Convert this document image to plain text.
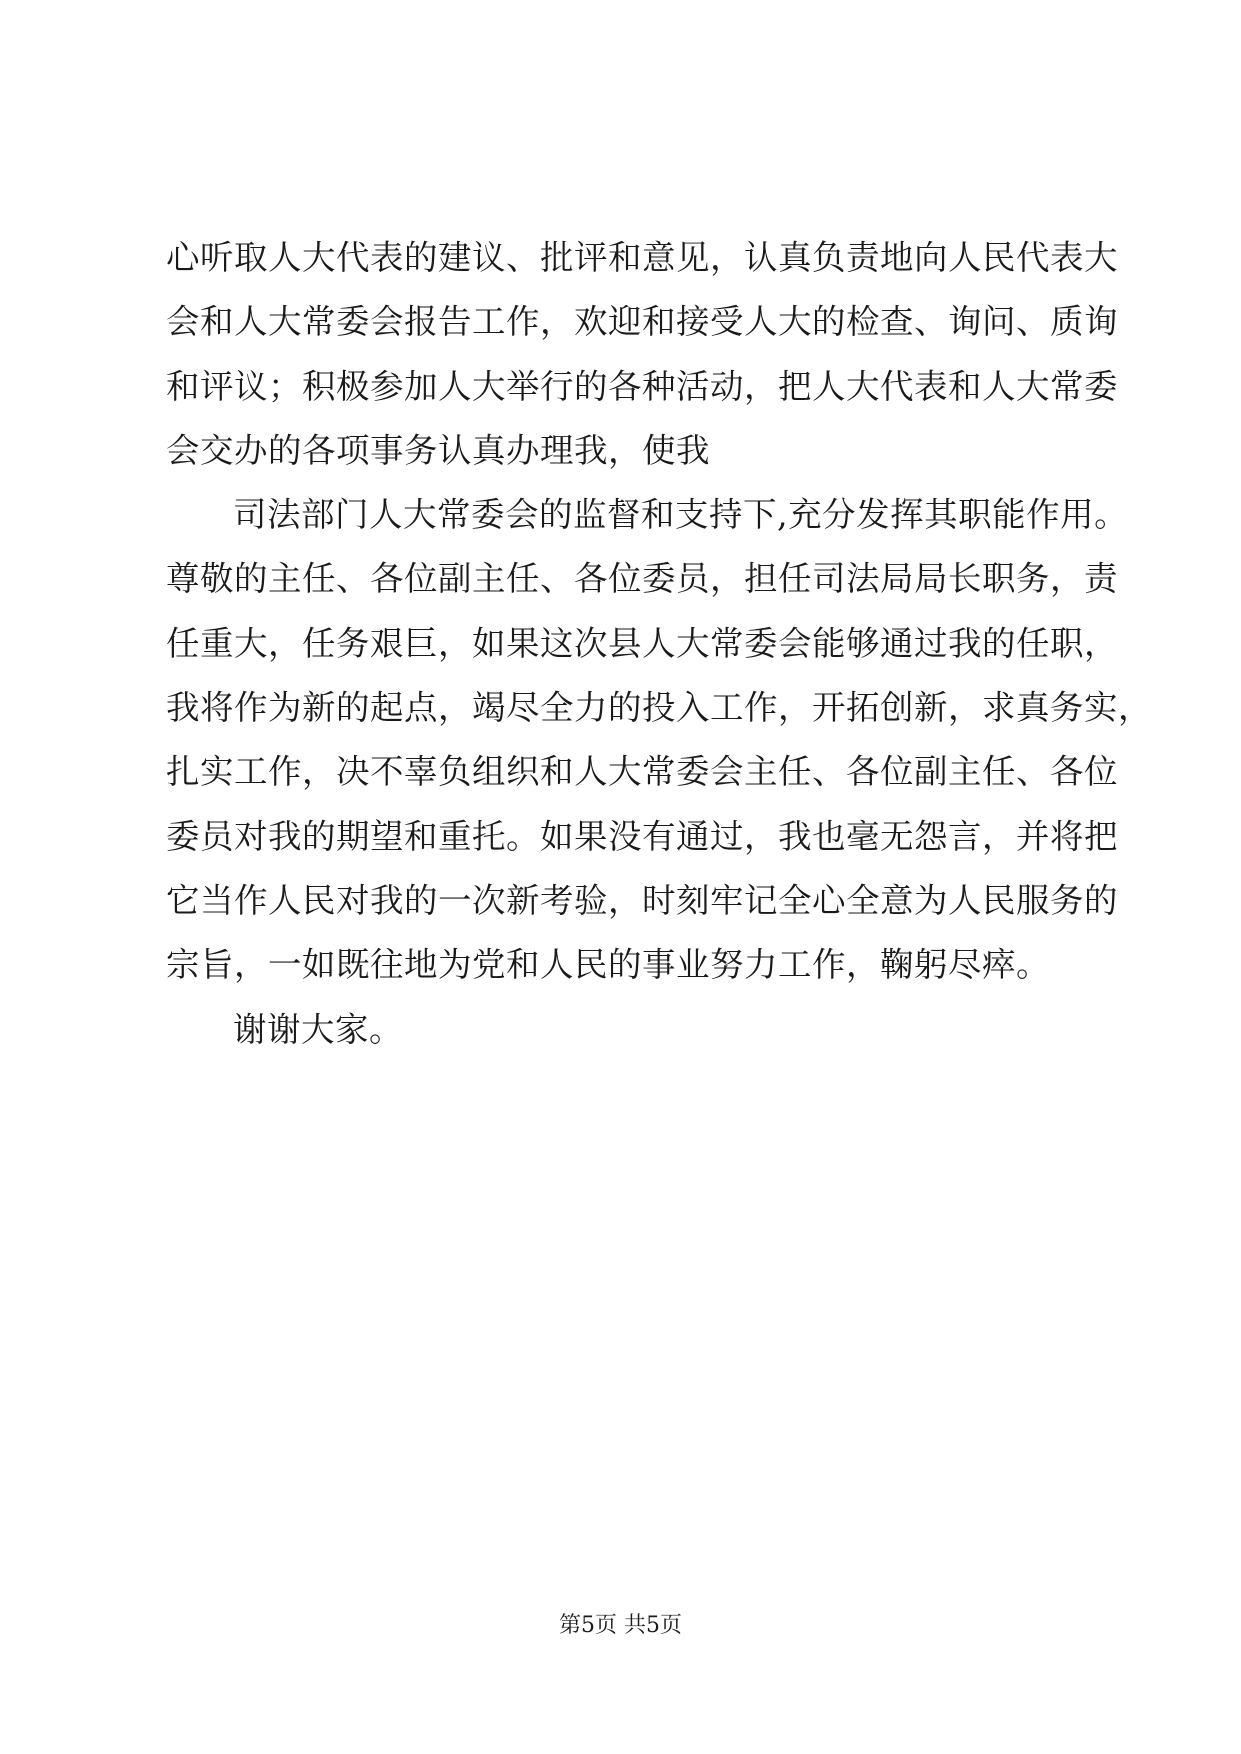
心听取人大代表的建议、批评和意见，认真负责地向人民代表大
会和人大常委会报告工作，欢迎和接受人大的检查、询问、质询
和评议；积极参加人大举行的各种活动，把人大代表和人大常委
会交办的各项事务认真办理我，使我
司法部门人大常委会的监督和支持下,充分发挥其职能作用。
尊敬的主任、各位副主任、各位委员，担任司法局局长职务，责
任重大，任务艰巨，如果这次县人大常委会能够通过我的任职，
我将作为新的起点，竭尽全力的投入工作，开拓创新，求真务实，
扎实工作，决不辜负组织和人大常委会主任、各位副主任、各位
委员对我的期望和重托。如果没有通过，我也毫无怨言，并将把
它当作人民对我的一次新考验，时刻牢记全心全意为人民服务的
宗旨，一如既往地为党和人民的事业努力工作，鞠躬尽瘁。
谢谢大家。
第5页 共5页
